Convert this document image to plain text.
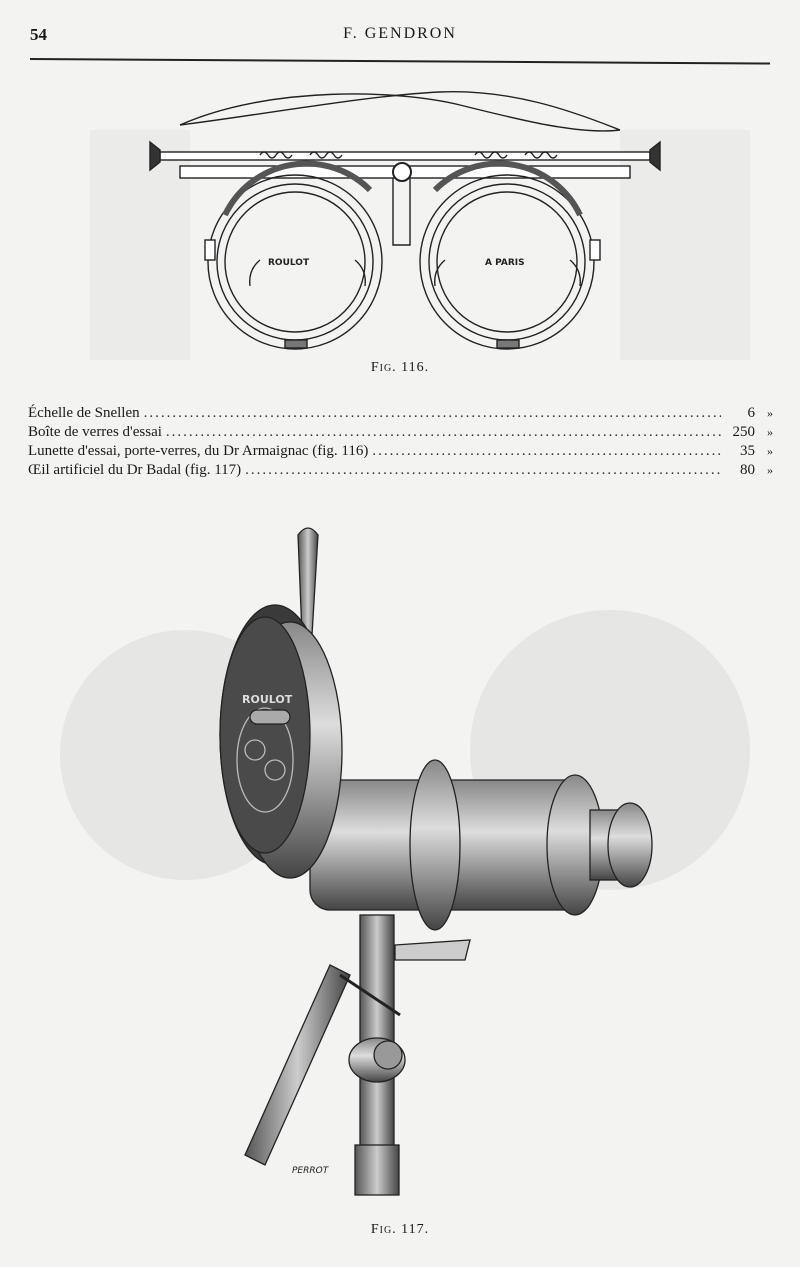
54	F. GENDRON
ROULOT	A PARIS
Fig. 116.
Échelle de Snellen .....	6	»
Boîte de verres d'essai .....	250	»
Lunette d'essai, porte-verres, du Dr Armaignac (fig. 116) .....	35	»
Œil artificiel du Dr Badal (fig. 117) .....	80	»
ROULOT
PERROT
Fig. 117.
